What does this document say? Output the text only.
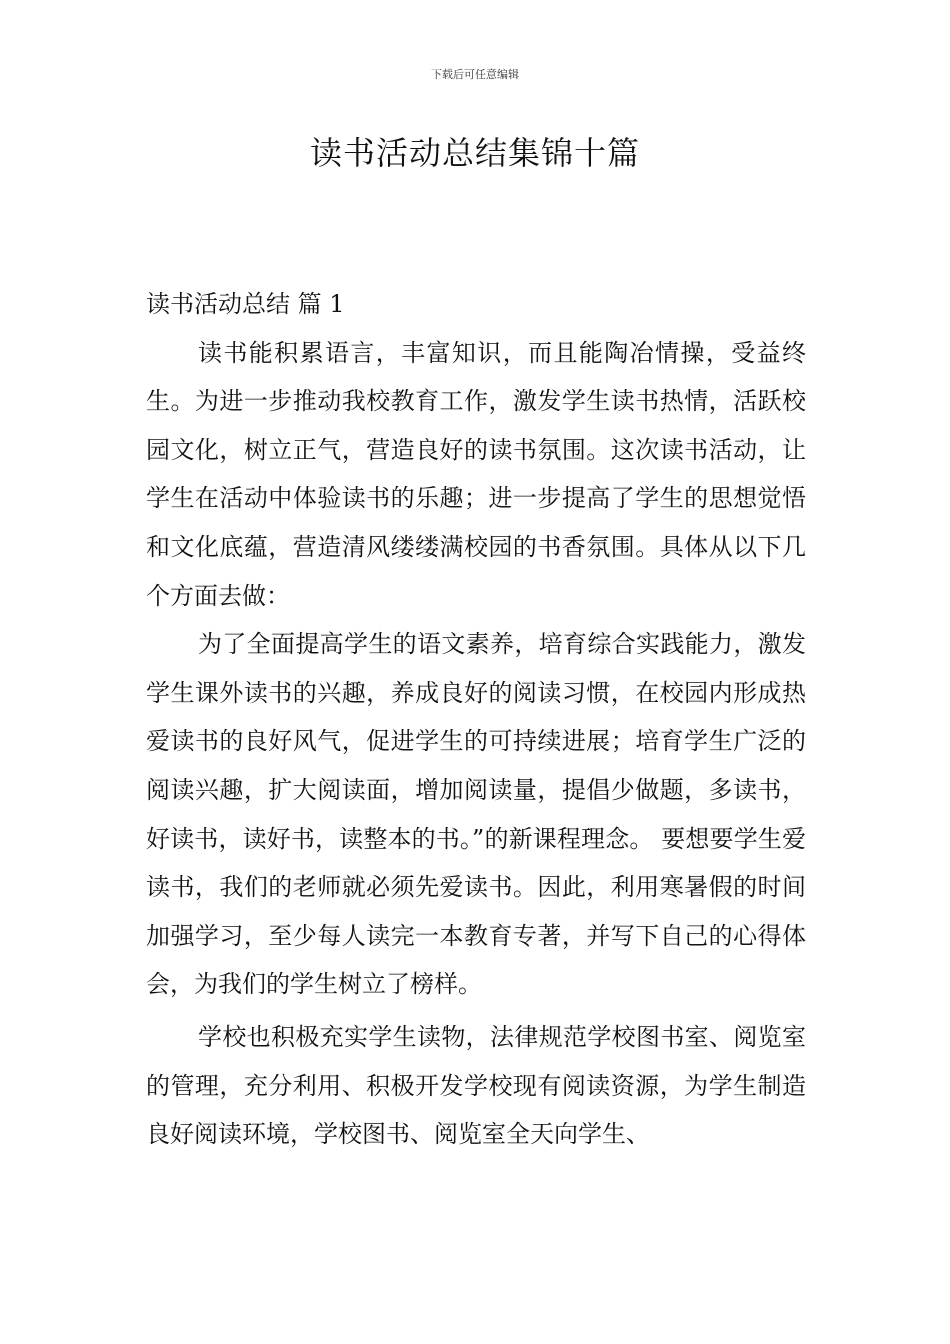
下载后可任意编辑
读书活动总结集锦十篇

读书活动总结 篇 1

读书能积累语言，丰富知识，而且能陶冶情操，受益终生。为进一步推动我校教育工作，激发学生读书热情，活跃校园文化，树立正气，营造良好的读书氛围。这次读书活动，让学生在活动中体验读书的乐趣；进一步提高了学生的思想觉悟和文化底蕴，营造清风缕缕满校园的书香氛围。具体从以下几个方面去做：

为了全面提高学生的语文素养，培育综合实践能力，激发学生课外读书的兴趣，养成良好的阅读习惯，在校园内形成热爱读书的良好风气，促进学生的可持续进展；培育学生广泛的阅读兴趣，扩大阅读面，增加阅读量，提倡少做题，多读书，好读书，读好书，读整本的书。”的新课程理念。 要想要学生爱读书，我们的老师就必须先爱读书。因此，利用寒暑假的时间加强学习，至少每人读完一本教育专著，并写下自己的心得体会，为我们的学生树立了榜样。

学校也积极充实学生读物，法律规范学校图书室、阅览室的管理，充分利用、积极开发学校现有阅读资源，为学生制造良好阅读环境，学校图书、阅览室全天向学生、
